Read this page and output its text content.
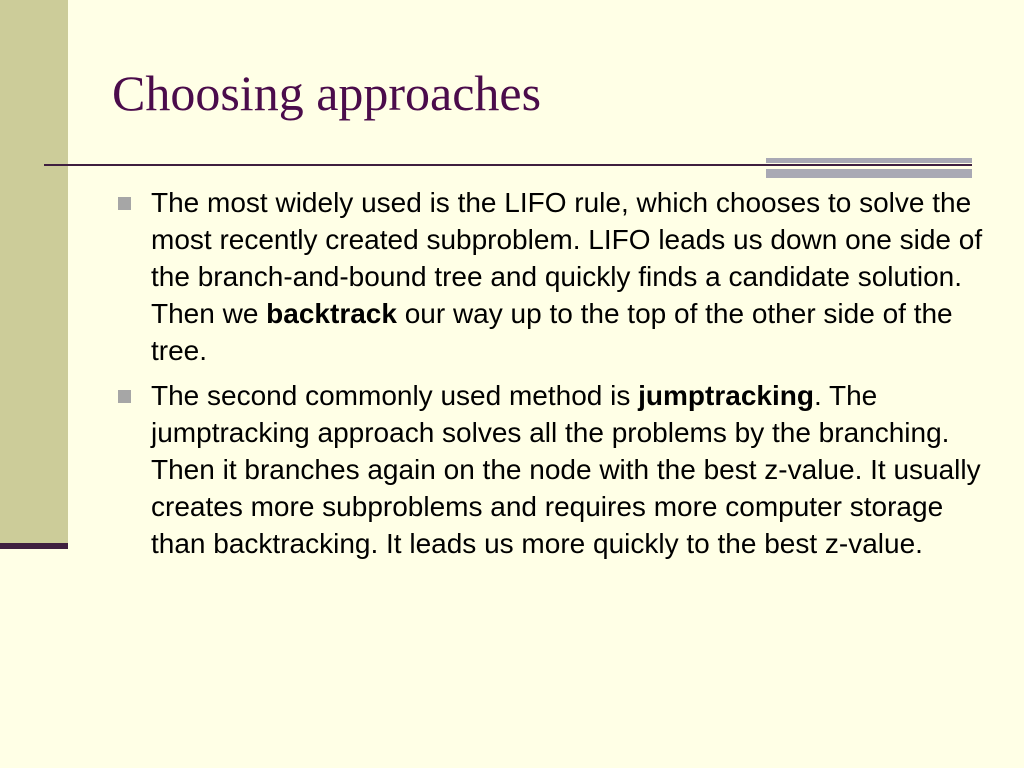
Choosing approaches
The most widely used is the LIFO rule, which chooses to solve the most recently created subproblem. LIFO leads us down one side of the branch-and-bound tree and quickly finds a candidate solution. Then we backtrack our way up to the top of the other side of the tree.
The second commonly used method is jumptracking. The jumptracking approach solves all the problems by the branching. Then it branches again on the node with the best z-value. It usually creates more subproblems and requires more computer storage than backtracking. It leads us more quickly to the best z-value.
